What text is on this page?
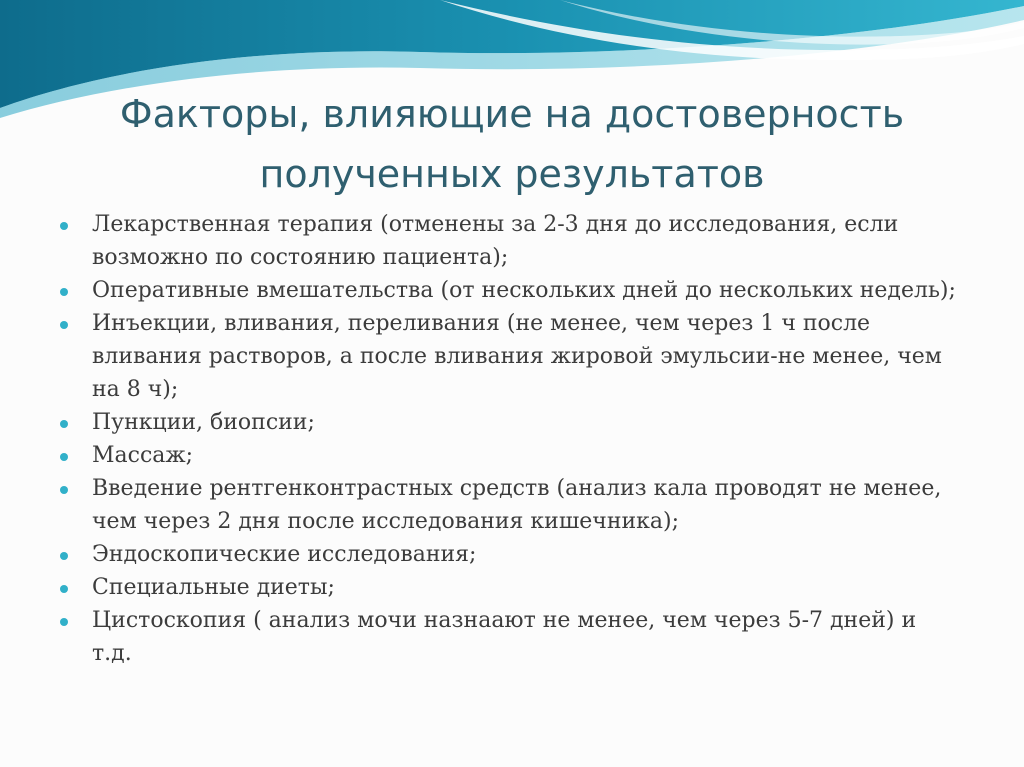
Факторы, влияющие на достоверность
полученных результатов
Лекарственная терапия (отменены за 2-3 дня до исследования, если возможно по состоянию пациента);
Оперативные вмешательства (от нескольких дней до нескольких недель);
Инъекции, вливания, переливания (не менее, чем через 1 ч после вливания растворов, а после вливания жировой эмульсии-не менее, чем на 8 ч);
Пункции, биопсии;
Массаж;
Введение рентгенконтрастных средств (анализ кала проводят не менее, чем через 2 дня после исследования кишечника);
Эндоскопические исследования;
Специальные диеты;
Цистоскопия ( анализ мочи назнаают не менее, чем через 5-7 дней) и т.д.
